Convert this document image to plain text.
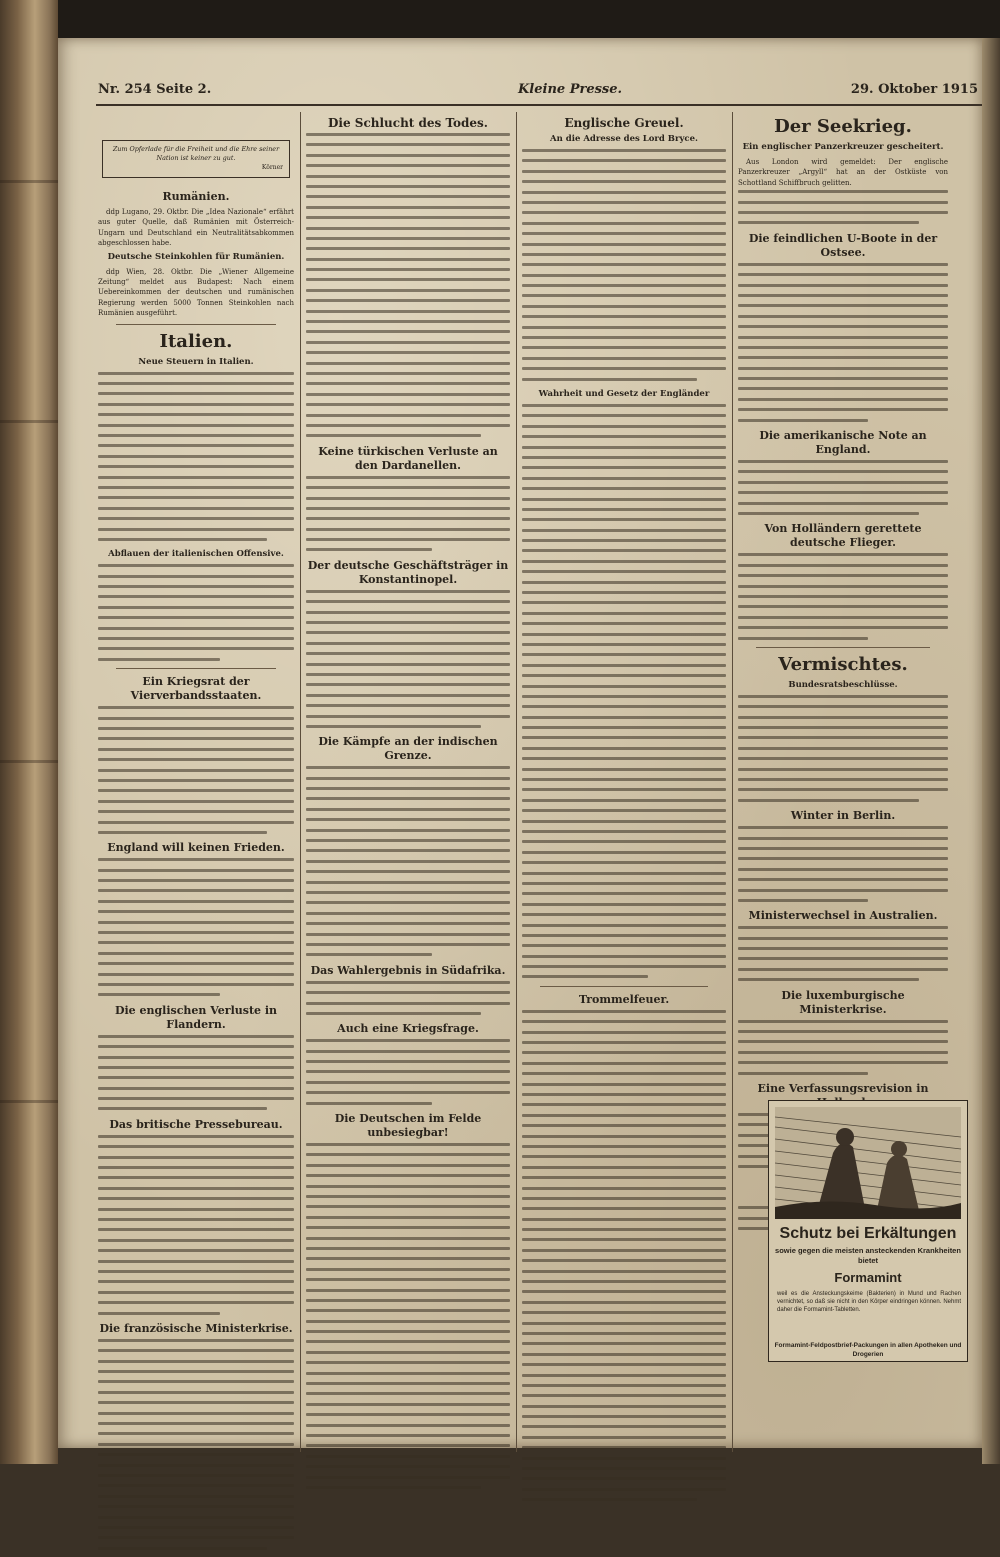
Nr. 254 Seite 2.	Kleine Presse.	29. Oktober 1915
Zum Opferlade für die Freiheit und die Ehre seiner Nation ist keiner zu gut.
Körner
Rumänien.
ddp Lugano, 29. Oktbr. Die „Idea Nazionale“ erfährt aus guter Quelle, daß Rumänien mit Österreich-Ungarn und Deutschland ein Neutralitätsabkommen abgeschlossen habe.
Deutsche Steinkohlen für Rumänien.
ddp Wien, 28. Oktbr. Die „Wiener Allgemeine Zeitung“ meldet aus Budapest: Nach einem Uebereinkommen der deutschen und rumänischen Regierung werden 5000 Tonnen Steinkohlen nach Rumänien ausgeführt.
Italien.
Neue Steuern in Italien.
Abflauen der italienischen Offensive.
Ein Kriegsrat der Vierverbandsstaaten.
England will keinen Frieden.
Die englischen Verluste in Flandern.
Das britische Pressebureau.
Die französische Ministerkrise.
Die Schlucht des Todes.
Keine türkischen Verluste an den Dardanellen.
Der deutsche Geschäftsträger in Konstantinopel.
Die Kämpfe an der indischen Grenze.
Das Wahlergebnis in Südafrika.
Auch eine Kriegsfrage.
Die Deutschen im Felde unbesiegbar!
Englische Greuel.
An die Adresse des Lord Bryce.
Wahrheit und Gesetz der Engländer
Trommelfeuer.
Der Seekrieg.
Ein englischer Panzerkreuzer gescheitert.
Aus London wird gemeldet: Der englische Panzerkreuzer „Argyll“ hat an der Ostküste von Schottland Schiffbruch gelitten.
Die feindlichen U-Boote in der Ostsee.
Die amerikanische Note an England.
Von Holländern gerettete deutsche Flieger.
Vermischtes.
Bundesratsbeschlüsse.
Winter in Berlin.
Ministerwechsel in Australien.
Die luxemburgische Ministerkrise.
Eine Verfassungsrevision in
Schutz bei Erkältungen
sowie gegen die meisten ansteckenden Krankheiten bietet
Formamint
weil es die Ansteckungskeime (Bakterien) in Mund und Rachen vernichtet, so daß sie nicht in den Körper eindringen können. Nehmt daher die Formamint-Tabletten.
Formamint-Feldpostbrief-Packungen in allen Apotheken und Drogerien
